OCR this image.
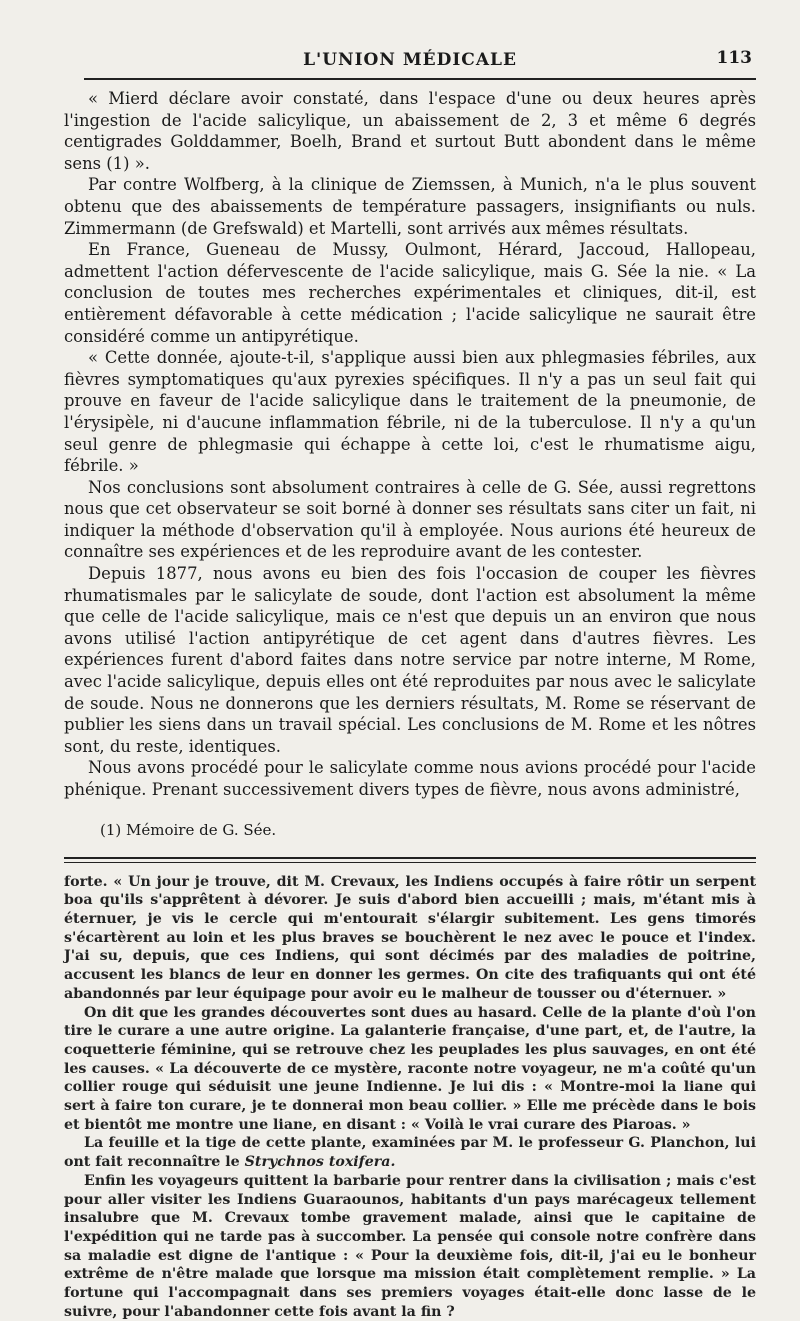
L'UNION MÉDICALE	113

« Mierd déclare avoir constaté, dans l'espace d'une ou deux heures après l'ingestion de l'acide salicylique, un abaissement de 2, 3 et même 6 degrés centigrades Golddammer, Boelh, Brand et surtout Butt abondent dans le même sens (1) ».

Par contre Wolfberg, à la clinique de Ziemssen, à Munich, n'a le plus souvent obtenu que des abaissements de température passagers, insignifiants ou nuls. Zimmermann (de Grefswald) et Martelli, sont arrivés aux mêmes résultats.

En France, Gueneau de Mussy, Oulmont, Hérard, Jaccoud, Hallopeau, admettent l'action défervescente de l'acide salicylique, mais G. Sée la nie. « La conclusion de toutes mes recherches expérimentales et cliniques, dit-il, est entièrement défavorable à cette médication ; l'acide salicylique ne saurait être considéré comme un antipyrétique.

« Cette donnée, ajoute-t-il, s'applique aussi bien aux phlegmasies fébriles, aux fièvres symptomatiques qu'aux pyrexies spécifiques. Il n'y a pas un seul fait qui prouve en faveur de l'acide salicylique dans le traitement de la pneumonie, de l'érysipèle, ni d'aucune inflammation fébrile, ni de la tuberculose. Il n'y a qu'un seul genre de phlegmasie qui échappe à cette loi, c'est le rhumatisme aigu, fébrile. »

Nos conclusions sont absolument contraires à celle de G. Sée, aussi regrettons nous que cet observateur se soit borné à donner ses résultats sans citer un fait, ni indiquer la méthode d'observation qu'il à employée. Nous aurions été heureux de connaître ses expériences et de les reproduire avant de les contester.

Depuis 1877, nous avons eu bien des fois l'occasion de couper les fièvres rhumatismales par le salicylate de soude, dont l'action est absolument la même que celle de l'acide salicylique, mais ce n'est que depuis un an environ que nous avons utilisé l'action antipyrétique de cet agent dans d'autres fièvres. Les expériences furent d'abord faites dans notre service par notre interne, M Rome, avec l'acide salicylique, depuis elles ont été reproduites par nous avec le salicylate de soude. Nous ne donnerons que les derniers résultats, M. Rome se réservant de publier les siens dans un travail spécial. Les conclusions de M. Rome et les nôtres sont, du reste, identiques.

Nous avons procédé pour le salicylate comme nous avions procédé pour l'acide phénique. Prenant successivement divers types de fièvre, nous avons administré,

(1) Mémoire de G. Sée.

forte. « Un jour je trouve, dit M. Crevaux, les Indiens occupés à faire rôtir un serpent boa qu'ils s'apprêtent à dévorer. Je suis d'abord bien accueilli ; mais, m'étant mis à éternuer, je vis le cercle qui m'entourait s'élargir subitement. Les gens timorés s'écartèrent au loin et les plus braves se bouchèrent le nez avec le pouce et l'index. J'ai su, depuis, que ces Indiens, qui sont décimés par des maladies de poitrine, accusent les blancs de leur en donner les germes. On cite des trafiquants qui ont été abandonnés par leur équipage pour avoir eu le malheur de tousser ou d'éternuer. »

On dit que les grandes découvertes sont dues au hasard. Celle de la plante d'où l'on tire le curare a une autre origine. La galanterie française, d'une part, et, de l'autre, la coquetterie féminine, qui se retrouve chez les peuplades les plus sauvages, en ont été les causes. « La découverte de ce mystère, raconte notre voyageur, ne m'a coûté qu'un collier rouge qui séduisit une jeune Indienne. Je lui dis : « Montre-moi la liane qui sert à faire ton curare, je te donnerai mon beau collier. » Elle me précède dans le bois et bientôt me montre une liane, en disant : « Voilà le vrai curare des Piaroas. »

La feuille et la tige de cette plante, examinées par M. le professeur G. Planchon, lui ont fait reconnaître le Strychnos toxifera.

Enfin les voyageurs quittent la barbarie pour rentrer dans la civilisation ; mais c'est pour aller visiter les Indiens Guaraounos, habitants d'un pays marécageux tellement insalubre que M. Crevaux tombe gravement malade, ainsi que le capitaine de l'expédition qui ne tarde pas à succomber. La pensée qui console notre confrère dans sa maladie est digne de l'antique : « Pour la deuxième fois, dit-il, j'ai eu le bonheur extrême de n'être malade que lorsque ma mission était complètement remplie. » La fortune qui l'accompagnait dans ses premiers voyages était-elle donc lasse de le suivre, pour l'abandonner cette fois avant la fin ?
